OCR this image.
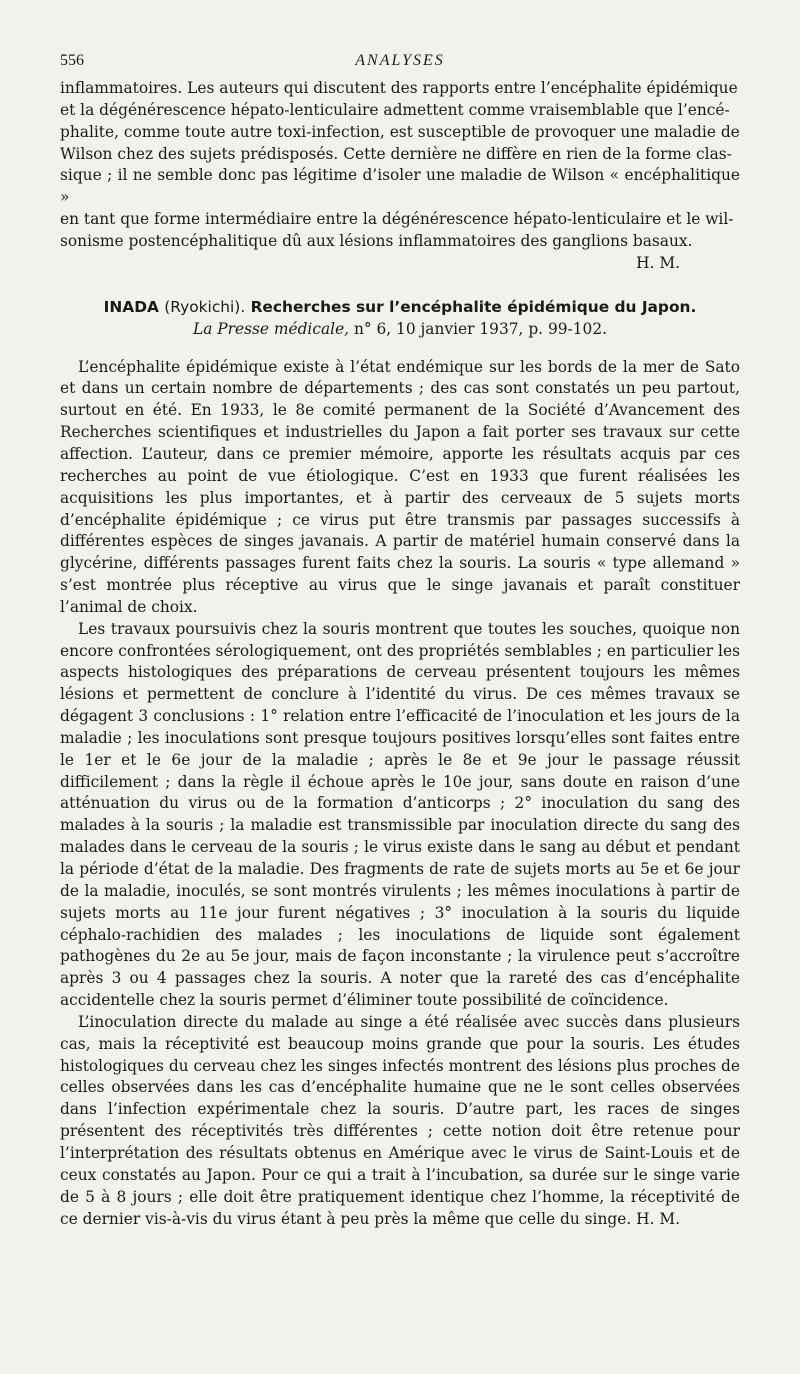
556	ANALYSES

inflammatoires. Les auteurs qui discutent des rapports entre l’encéphalite épidémique

et la dégénérescence hépato-lenticulaire admettent comme vraisemblable que l’encé-

phalite, comme toute autre toxi-infection, est susceptible de provoquer une maladie de

Wilson chez des sujets prédisposés. Cette dernière ne diffère en rien de la forme clas-

sique ; il ne semble donc pas légitime d’isoler une maladie de Wilson « encéphalitique »

en tant que forme intermédiaire entre la dégénérescence hépato-lenticulaire et le wil-

sonisme postencéphalitique dû aux lésions inflammatoires des ganglions basaux.

H. M.

INADA (Ryokichi). Recherches sur l’encéphalite épidémique du Japon.
La Presse médicale, n° 6, 10 janvier 1937, p. 99-102.

L’encéphalite épidémique existe à l’état endémique sur les bords de la mer de Sato et dans un certain nombre de départements ; des cas sont constatés un peu partout, surtout en été. En 1933, le 8e comité permanent de la Société d’Avancement des Recherches scientifiques et industrielles du Japon a fait porter ses travaux sur cette affection. L’auteur, dans ce premier mémoire, apporte les résultats acquis par ces recherches au point de vue étiologique. C’est en 1933 que furent réalisées les acquisitions les plus importantes, et à partir des cerveaux de 5 sujets morts d’encéphalite épidémique ; ce virus put être transmis par passages successifs à différentes espèces de singes javanais. A partir de matériel humain conservé dans la glycérine, différents passages furent faits chez la souris. La souris « type allemand » s’est montrée plus réceptive au virus que le singe javanais et paraît constituer l’animal de choix.

Les travaux poursuivis chez la souris montrent que toutes les souches, quoique non encore confrontées sérologiquement, ont des propriétés semblables ; en particulier les aspects histologiques des préparations de cerveau présentent toujours les mêmes lésions et permettent de conclure à l’identité du virus. De ces mêmes travaux se dégagent 3 conclusions : 1° relation entre l’efficacité de l’inoculation et les jours de la maladie ; les inoculations sont presque toujours positives lorsqu’elles sont faites entre le 1er et le 6e jour de la maladie ; après le 8e et 9e jour le passage réussit difficilement ; dans la règle il échoue après le 10e jour, sans doute en raison d’une atténuation du virus ou de la formation d’anticorps ; 2° inoculation du sang des malades à la souris ; la maladie est transmissible par inoculation directe du sang des malades dans le cerveau de la souris ; le virus existe dans le sang au début et pendant la période d’état de la maladie. Des fragments de rate de sujets morts au 5e et 6e jour de la maladie, inoculés, se sont montrés virulents ; les mêmes inoculations à partir de sujets morts au 11e jour furent négatives ; 3° inoculation à la souris du liquide céphalo-rachidien des malades ; les inoculations de liquide sont également pathogènes du 2e au 5e jour, mais de façon inconstante ; la virulence peut s’accroître après 3 ou 4 passages chez la souris. A noter que la rareté des cas d’encéphalite accidentelle chez la souris permet d’éliminer toute possibilité de coïncidence.

L’inoculation directe du malade au singe a été réalisée avec succès dans plusieurs cas, mais la réceptivité est beaucoup moins grande que pour la souris. Les études histologiques du cerveau chez les singes infectés montrent des lésions plus proches de celles observées dans les cas d’encéphalite humaine que ne le sont celles observées dans l’infection expérimentale chez la souris. D’autre part, les races de singes présentent des réceptivités très différentes ; cette notion doit être retenue pour l’interprétation des résultats obtenus en Amérique avec le virus de Saint-Louis et de ceux constatés au Japon. Pour ce qui a trait à l’incubation, sa durée sur le singe varie de 5 à 8 jours ; elle doit être pratiquement identique chez l’homme, la réceptivité de ce dernier vis-à-vis du virus étant à peu près la même que celle du singe. H. M.
